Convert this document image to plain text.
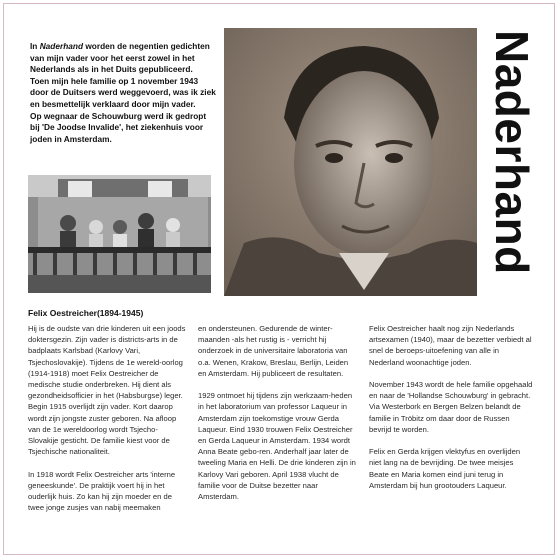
In Naderhand worden de negentien gedichten van mijn vader voor het eerst zowel in het Nederlands als in het Duits gepubliceerd.

Toen mijn hele familie op 1 november 1943 door de Duitsers werd weggevoerd, was ik ziek en besmettelijk verklaard door mijn vader.

Op wegnaar de Schouwburg werd ik gedropt bij 'De Joodse Invalide', het ziekenhuis voor joden in Amsterdam.	Naderhand
Felix Oestreicher(1894-1945)

Hij is de oudste van drie kinderen uit een joods doktersgezin. Zijn vader is districts-arts in de badplaats Karlsbad (Karlovy Vari, Tsjechoslovakije). Tijdens de 1e wereld-oorlog (1914-1918) moet Felix Oestreicher de medische studie onderbreken. Hij dient als gezondheidsofficier in het (Habsburgse) leger. Begin 1915 overlijdt zijn vader. Kort daarop wordt zijn jongste zuster geboren. Na afloop van de 1e wereldoorlog wordt Tsjecho-Slovakije gesticht. De familie kiest voor de Tsjechische nationaliteit.

In 1918 wordt Felix Oestreicher arts 'interne geneeskunde'. De praktijk voert hij in het ouderlijk huis. Zo kan hij zijn moeder en de twee jonge zusjes van nabij meemaken

en ondersteunen. Gedurende de winter-maanden -als het rustig is - verricht hij onderzoek in de universitaire laboratoria van o.a. Wenen, Krakow, Breslau, Berlijn, Leiden en Amsterdam. Hij publiceert de resultaten.

1929 ontmoet hij tijdens zijn werkzaam-heden in het laboratorium van professor Laqueur in Amsterdam zijn toekomstige vrouw Gerda Laqueur. Eind 1930 trouwen Felix Oestreicher en Gerda Laqueur in Amsterdam. 1934 wordt Anna Beate gebo-ren. Anderhalf jaar later de tweeling Maria en Helli. De drie kinderen zijn in Karlovy Vari geboren. April 1938 vlucht de familie voor de Duitse bezetter naar Amsterdam.

Felix Oestreicher haalt nog zijn Nederlands artsexamen (1940), maar de bezetter verbiedt al snel de beroeps-uitoefening van alle in Nederland woonachtige joden.

November 1943 wordt de hele familie opgehaald en naar de 'Hollandse Schouwburg' in gebracht. Via Westerbork en Bergen Belzen belandt de familie in Tröbitz om daar door de Russen bevrijd te worden.

Felix en Gerda krijgen vlektyfus en overlijden niet lang na de bevrijding. De twee meisjes Beate en Maria komen eind juni terug in Amsterdam bij hun grootouders Laqueur.
